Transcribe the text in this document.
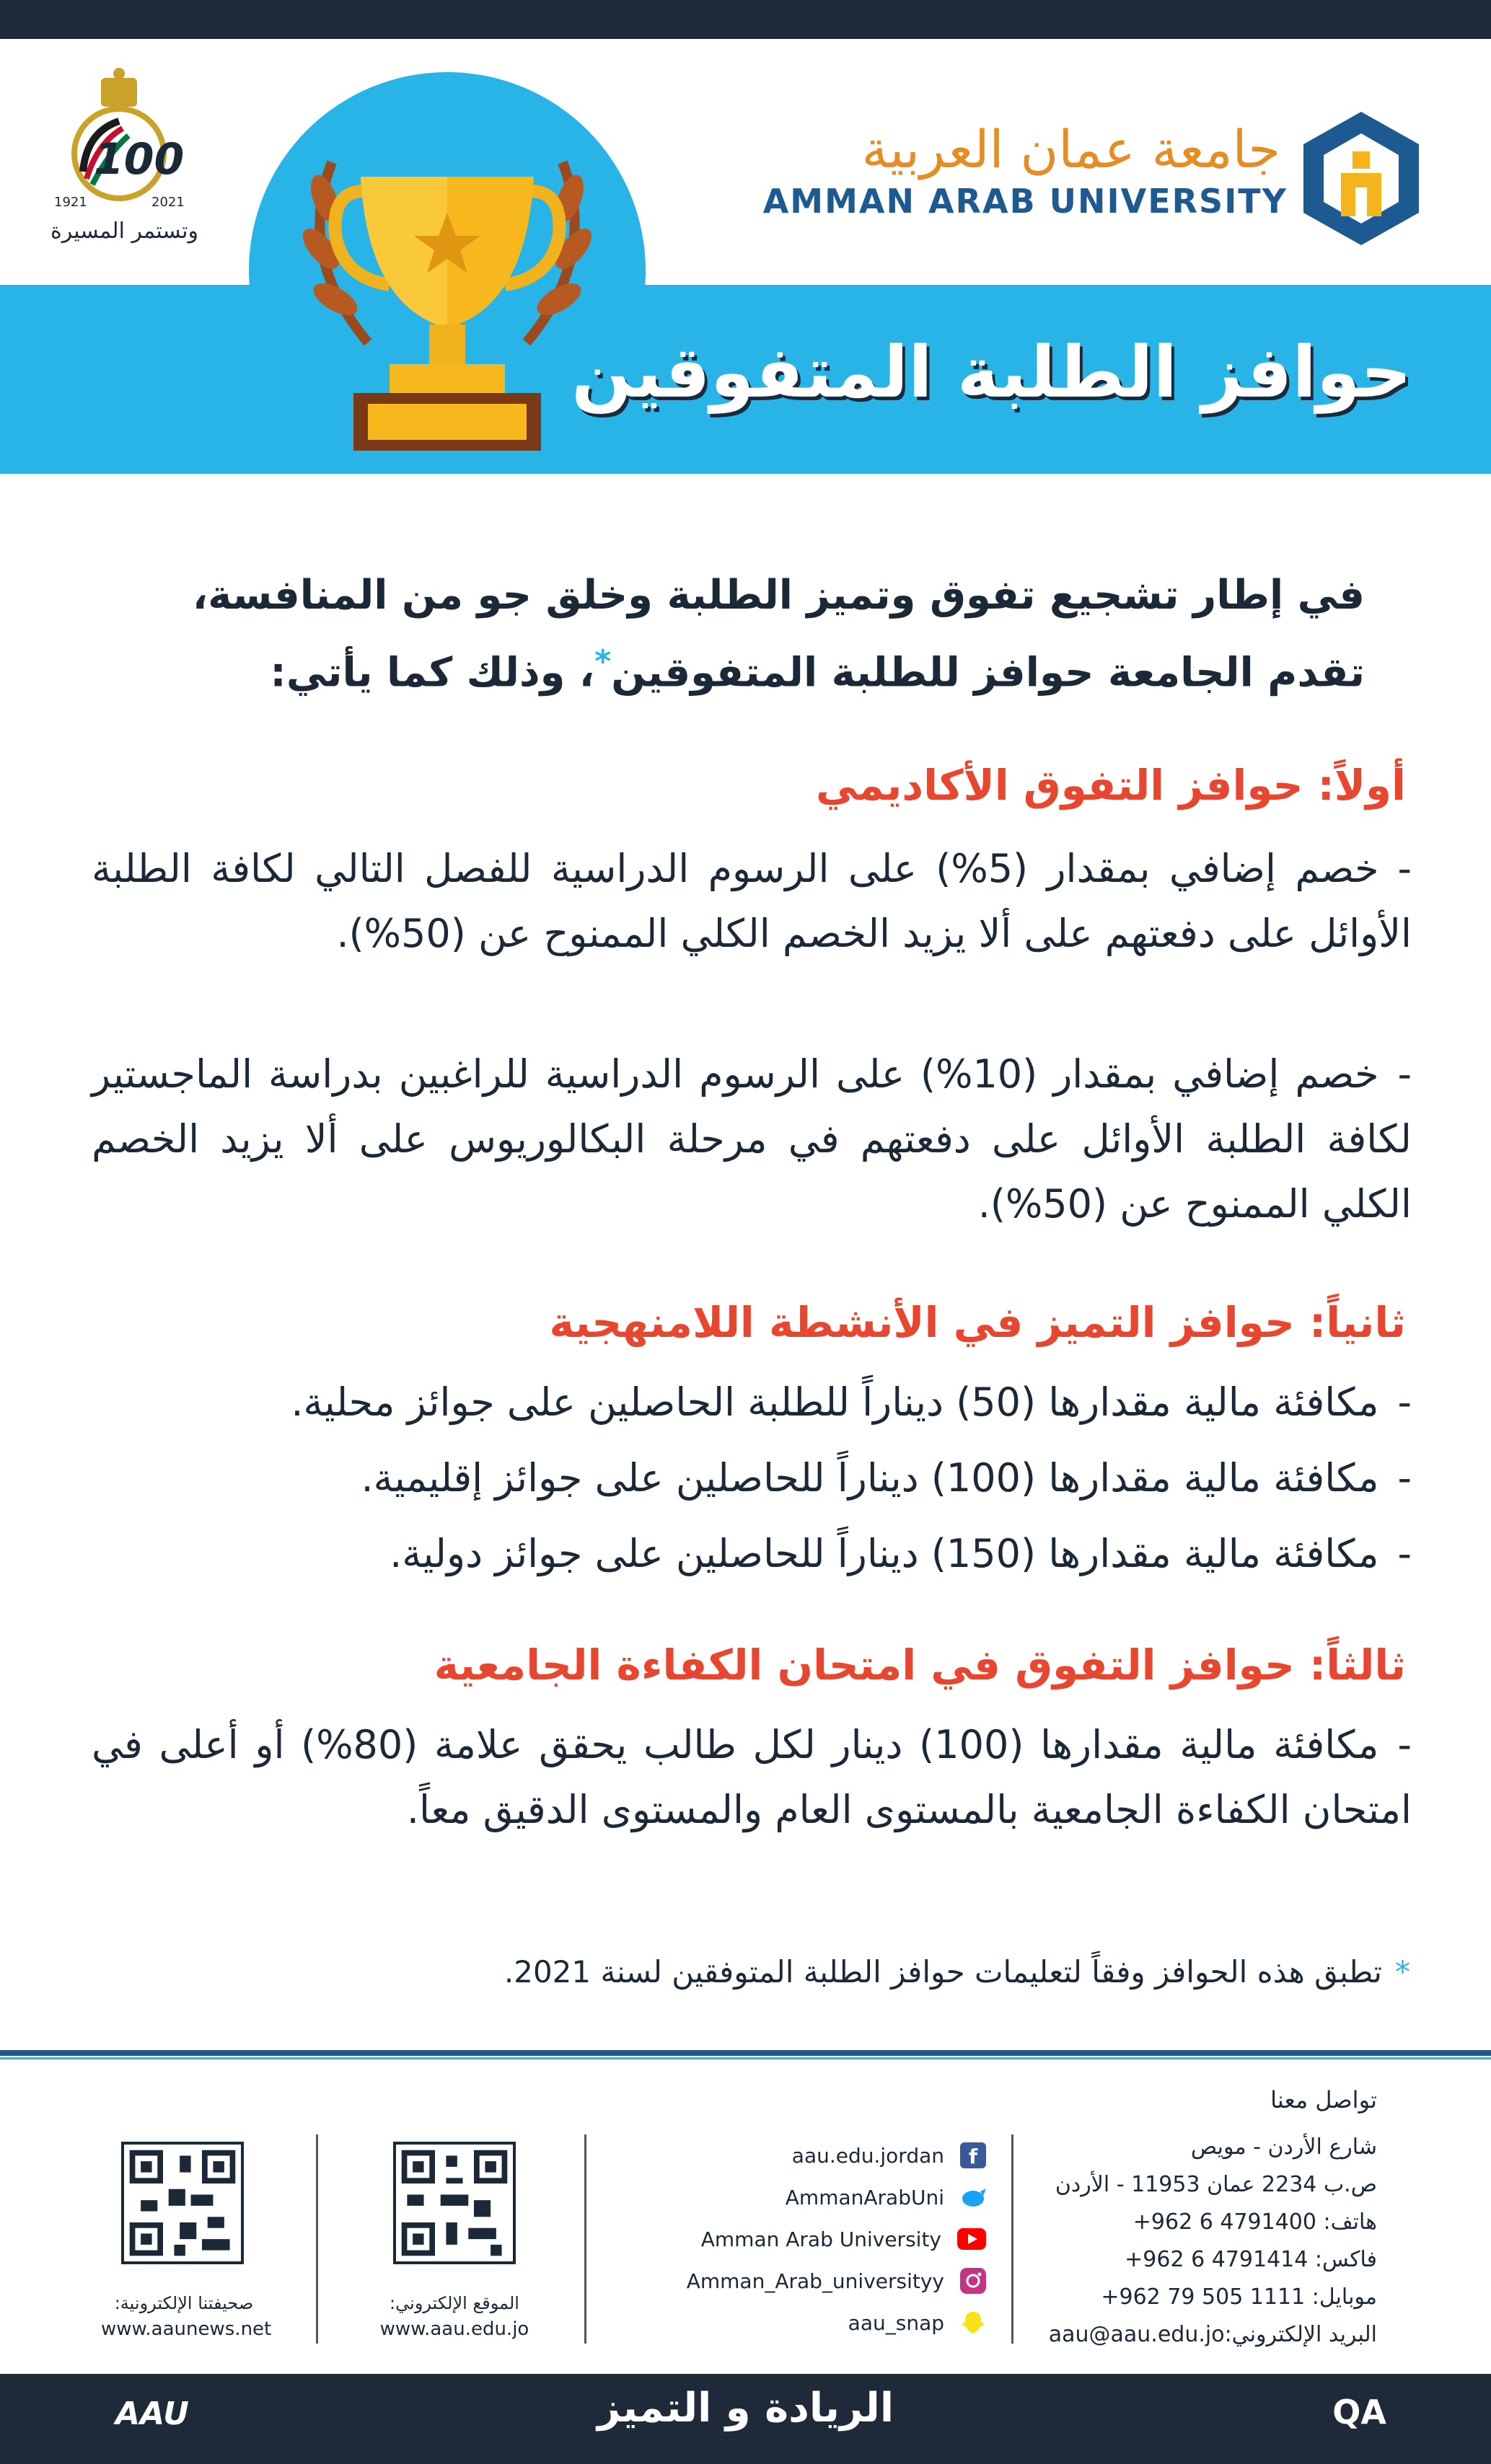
100
1921	2021
وتستمر المسيرة
جامعة عمان العربية
AMMAN ARAB UNIVERSITY
حوافز الطلبة المتفوقين
في إطار تشجيع تفوق وتميز الطلبة وخلق جو من المنافسة،
تقدم الجامعة حوافز للطلبة المتفوقين*، وذلك كما يأتي:
أولاً: حوافز التفوق الأكاديمي
-خصم إضافي بمقدار (5%) على الرسوم الدراسية للفصل التالي لكافة الطلبة الأوائل على دفعتهم على ألا يزيد الخصم الكلي الممنوح عن (50%).
-خصم إضافي بمقدار (10%) على الرسوم الدراسية للراغبين بدراسة الماجستير لكافة الطلبة الأوائل على دفعتهم في مرحلة البكالوريوس على ألا يزيد الخصم الكلي الممنوح عن (50%).
ثانياً: حوافز التميز في الأنشطة اللامنهجية
-مكافئة مالية مقدارها (50) ديناراً للطلبة الحاصلين على جوائز محلية.
-مكافئة مالية مقدارها (100) ديناراً للحاصلين على جوائز إقليمية.
-مكافئة مالية مقدارها (150) ديناراً للحاصلين على جوائز دولية.
ثالثاً: حوافز التفوق في امتحان الكفاءة الجامعية
-مكافئة مالية مقدارها (100) دينار لكل طالب يحقق علامة (80%) أو أعلى في امتحان الكفاءة الجامعية بالمستوى العام والمستوى الدقيق معاً.
*تطبق هذه الحوافز وفقاً لتعليمات حوافز الطلبة المتوفقين لسنة 2021.
تواصل معنا
شارع الأردن - مويص
ص.ب 2234 عمان 11953 - الأردن
هاتف: 4791400 6 962+
فاكس: 4791414 6 962+
موبايل: 1111 505 79 962+
البريد الإلكتروني:aau@aau.edu.jo
aau.edu.jordan f
AmmanArabUni
Amman Arab University
Amman_Arab_universityy
aau_snap
الموقع الإلكتروني:
www.aau.edu.jo
صحيفتنا الإلكترونية:
www.aaunews.net
AAU	الريادة و التميز	QA
